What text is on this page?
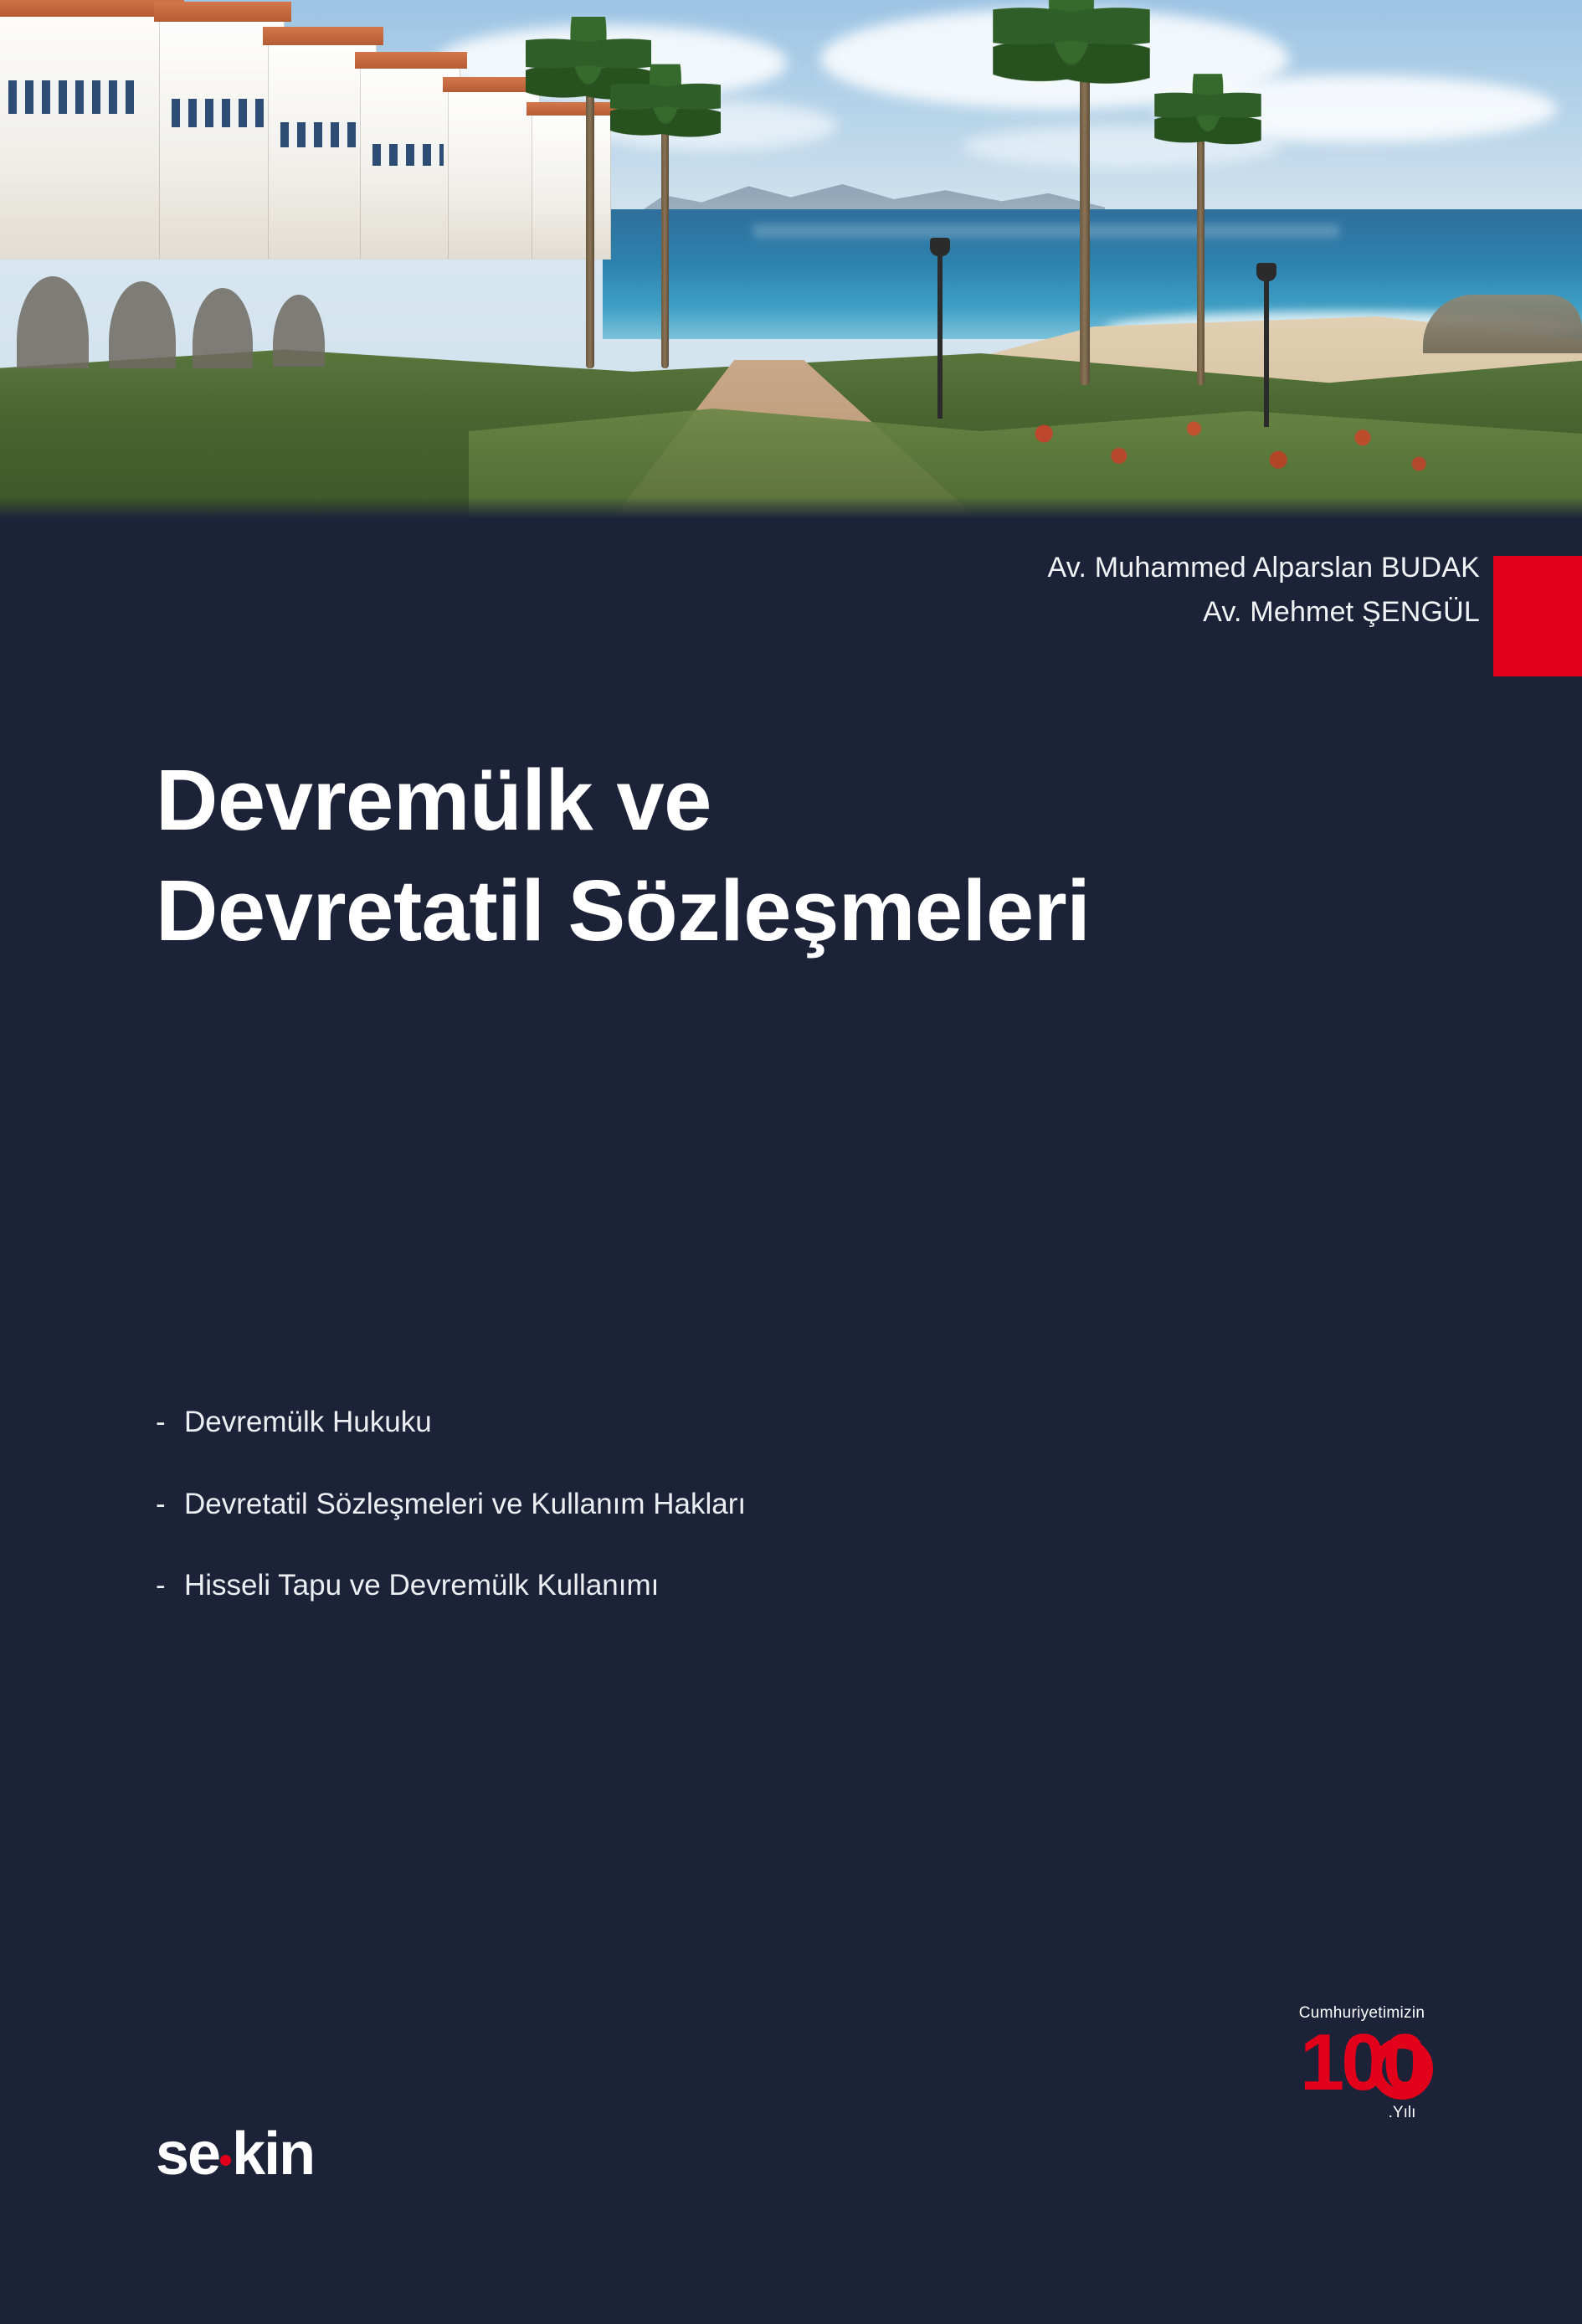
Av. Muhammed Alparslan BUDAK
Av. Mehmet ŞENGÜL
Devremülk ve
Devretatil Sözleşmeleri
- Devremülk Hukuku
- Devretatil Sözleşmeleri ve Kullanım Hakları
- Hisseli Tapu ve Devremülk Kullanımı
Cumhuriyetimizin
100
.Yılı
se kin
